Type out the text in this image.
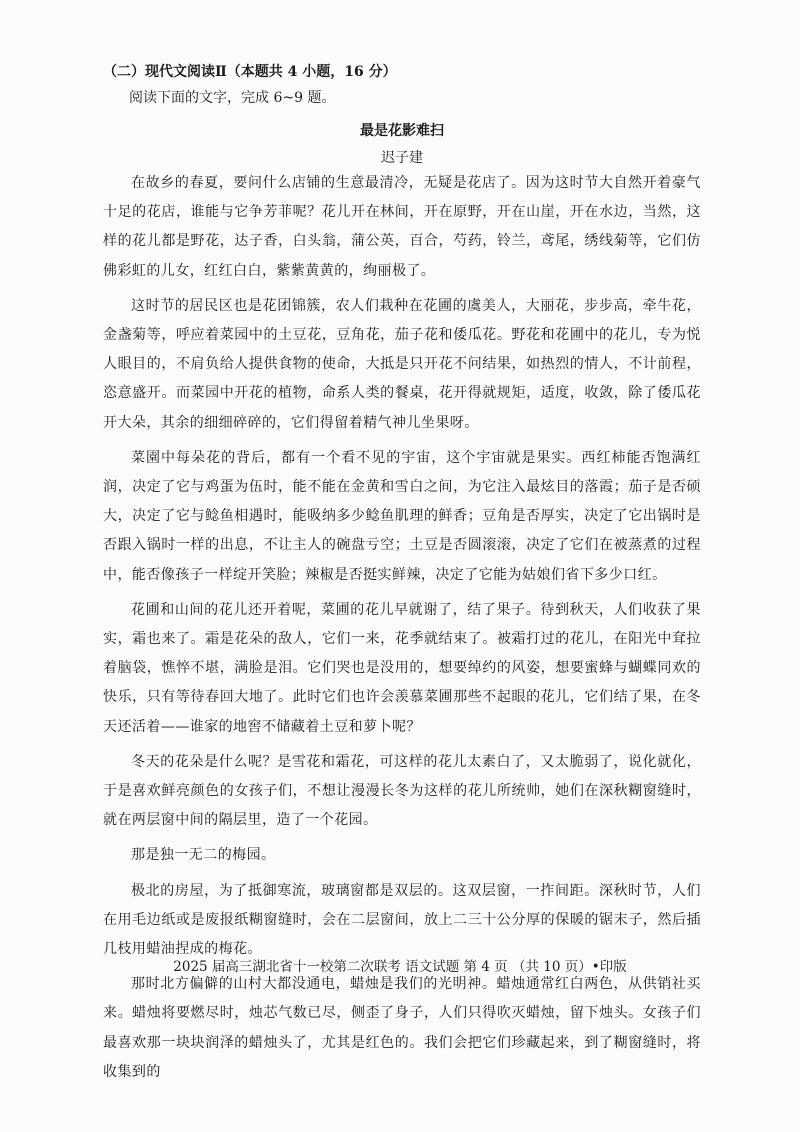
（二）现代文阅读Ⅱ（本题共 4 小题，16 分）

阅读下面的文字，完成 6~9 题。

最是花影难扫

迟子建

在故乡的春夏，要问什么店铺的生意最清冷，无疑是花店了。因为这时节大自然开着豪气十足的花店，谁能与它争芳菲呢？花儿开在林间，开在原野，开在山崖，开在水边，当然，这样的花儿都是野花，达子香，白头翁，蒲公英，百合，芍药，铃兰，鸢尾，绣线菊等，它们仿佛彩虹的儿女，红红白白，紫紫黄黄的，绚丽极了。

这时节的居民区也是花团锦簇，农人们栽种在花圃的虞美人，大丽花，步步高，牵牛花，金盏菊等，呼应着菜园中的土豆花，豆角花，茄子花和倭瓜花。野花和花圃中的花儿，专为悦人眼目的，不肩负给人提供食物的使命，大抵是只开花不问结果，如热烈的情人，不计前程，恣意盛开。而菜园中开花的植物，命系人类的餐桌，花开得就规矩，适度，收敛，除了倭瓜花开大朵，其余的细细碎碎的，它们得留着精气神儿坐果呀。

菜園中每朵花的背后，都有一个看不见的宇宙，这个宇宙就是果实。西红柿能否饱满红润，决定了它与鸡蛋为伍时，能不能在金黄和雪白之间，为它注入最炫目的落霞；茄子是否硕大，决定了它与鲶鱼相遇时，能吸纳多少鲶鱼肌理的鲜香；豆角是否厚实，决定了它出锅时是否跟入锅时一样的出息，不让主人的碗盘亏空；土豆是否圆滚滚，决定了它们在被蒸煮的过程中，能否像孩子一样绽开笑脸；辣椒是否挺实鲜辣，决定了它能为姑娘们省下多少口红。

花圃和山间的花儿还开着呢，菜圃的花儿早就谢了，结了果子。待到秋天，人们收获了果实，霜也来了。霜是花朵的敌人，它们一来，花季就结束了。被霜打过的花儿，在阳光中耷拉着脑袋，憔悴不堪，满脸是泪。它们哭也是没用的，想要绰约的风姿，想要蜜蜂与蝴蝶同欢的快乐，只有等待春回大地了。此时它们也许会羡慕菜圃那些不起眼的花儿，它们结了果，在冬天还活着——谁家的地窖不储藏着土豆和萝卜呢？

冬天的花朵是什么呢？是雪花和霜花，可这样的花儿太素白了，又太脆弱了，说化就化，于是喜欢鲜亮颜色的女孩子们，不想让漫漫长冬为这样的花儿所统帅，她们在深秋糊窗缝时，就在两层窗中间的隔层里，造了一个花园。

那是独一无二的梅园。

极北的房屋，为了抵御寒流，玻璃窗都是双层的。这双层窗，一拃间距。深秋时节，人们在用毛边纸或是废报纸糊窗缝时，会在二层窗间，放上二三十公分厚的保暖的锯末子，然后插几枝用蜡油捏成的梅花。

那时北方偏僻的山村大都没通电，蜡烛是我们的光明神。蜡烛通常红白两色，从供销社买来。蜡烛将要燃尽时，烛芯气数已尽，侧歪了身子，人们只得吹灭蜡烛，留下烛头。女孩子们最喜欢那一块块润泽的蜡烛头了，尤其是红色的。我们会把它们珍藏起来，到了糊窗缝时，将收集到的

2025 届高三湖北省十一校第二次联考 语文试题 第 4 页 （共 10 页）•印版
